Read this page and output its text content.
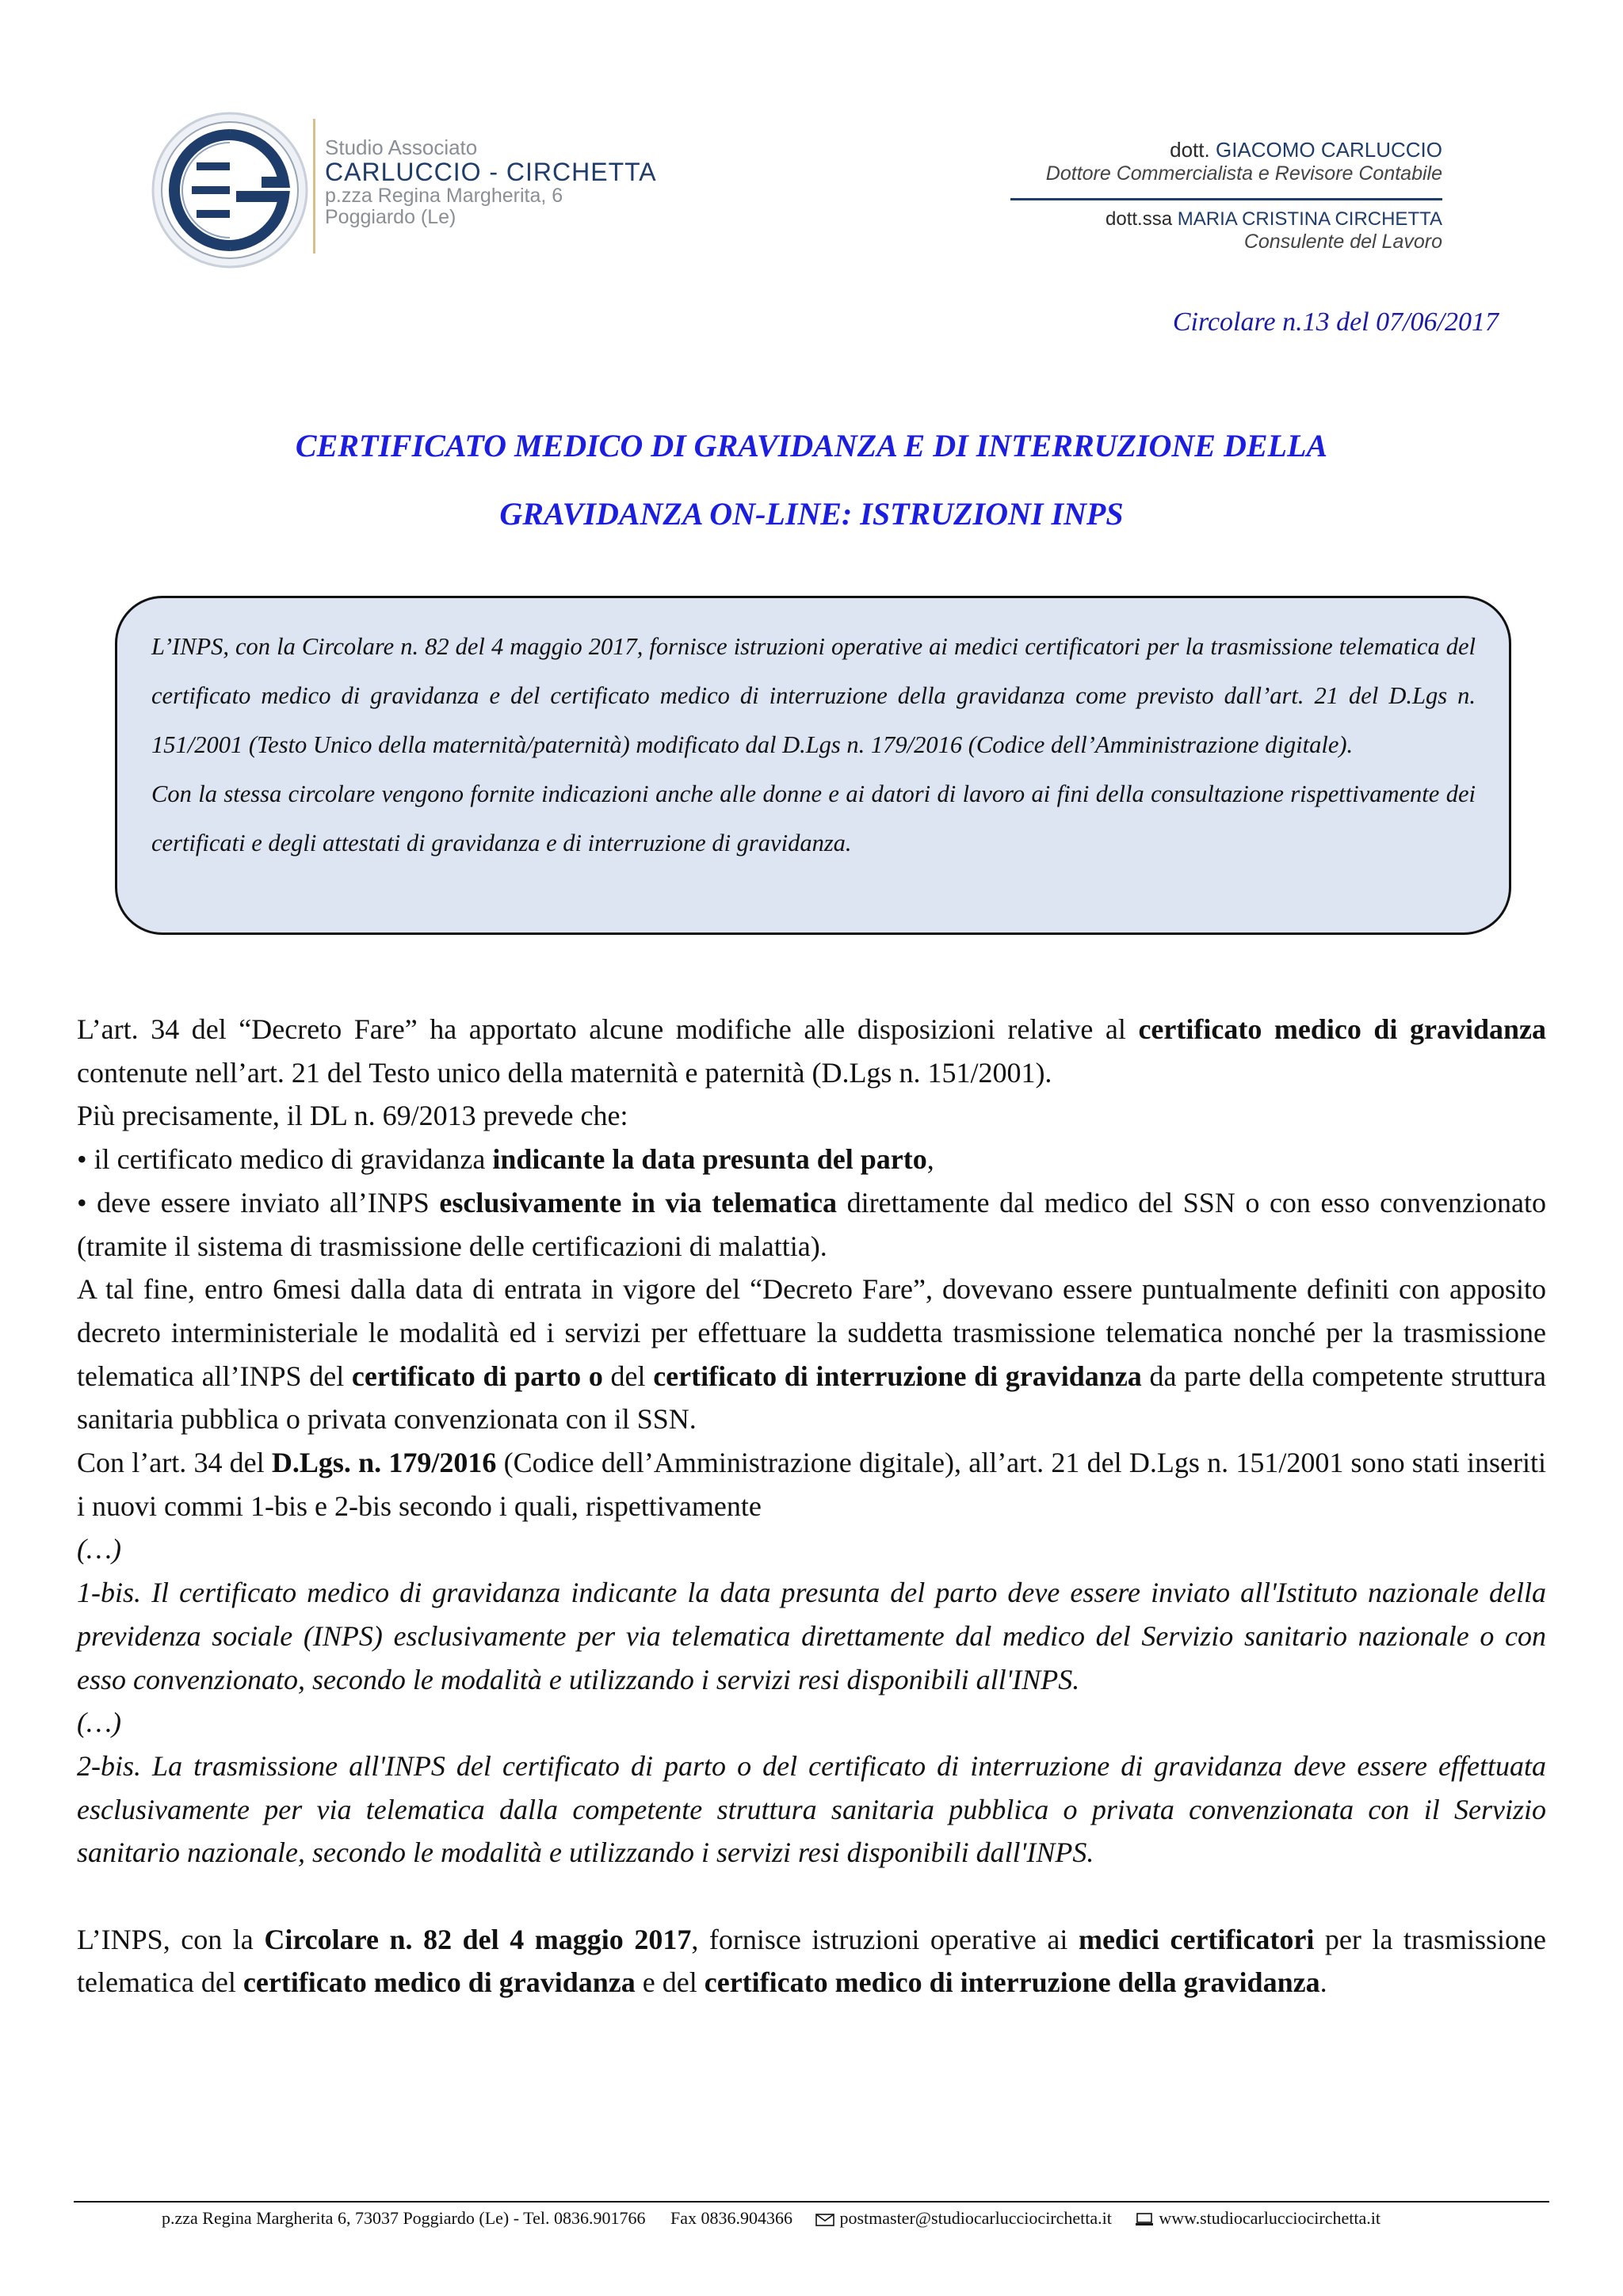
Studio Associato
CARLUCCIO - CIRCHETTA
p.zza Regina Margherita, 6
Poggiardo (Le)
dott. GIACOMO CARLUCCIO
Dottore Commercialista e Revisore Contabile
dott.ssa MARIA CRISTINA CIRCHETTA
Consulente del Lavoro
Circolare n.13 del 07/06/2017
CERTIFICATO MEDICO DI GRAVIDANZA E DI INTERRUZIONE DELLA
GRAVIDANZA ON-LINE: ISTRUZIONI INPS

L’INPS, con la Circolare n. 82 del 4 maggio 2017, fornisce istruzioni operative ai medici certificatori per la trasmissione telematica del certificato medico di gravidanza e del certificato medico di interruzione della gravidanza come previsto dall’art. 21 del D.Lgs n. 151/2001 (Testo Unico della maternità/paternità) modificato dal D.Lgs n. 179/2016 (Codice dell’Amministrazione digitale).

Con la stessa circolare vengono fornite indicazioni anche alle donne e ai datori di lavoro ai fini della consultazione rispettivamente dei certificati e degli attestati di gravidanza e di interruzione di gravidanza.

L’art. 34 del “Decreto Fare” ha apportato alcune modifiche alle disposizioni relative al certificato medico di gravidanza contenute nell’art. 21 del Testo unico della maternità e paternità (D.Lgs n. 151/2001).

Più precisamente, il DL n. 69/2013 prevede che:

• il certificato medico di gravidanza indicante la data presunta del parto,

• deve essere inviato all’INPS esclusivamente in via telematica direttamente dal medico del SSN o con esso convenzionato (tramite il sistema di trasmissione delle certificazioni di malattia).

A tal fine, entro 6mesi dalla data di entrata in vigore del “Decreto Fare”, dovevano essere puntualmente definiti con apposito decreto interministeriale le modalità ed i servizi per effettuare la suddetta trasmissione telematica nonché per la trasmissione telematica all’INPS del certificato di parto o del certificato di interruzione di gravidanza da parte della competente struttura sanitaria pubblica o privata convenzionata con il SSN.

Con l’art. 34 del D.Lgs. n. 179/2016 (Codice dell’Amministrazione digitale), all’art. 21 del D.Lgs n. 151/2001 sono stati inseriti i nuovi commi 1-bis e 2-bis secondo i quali, rispettivamente

(…)

1-bis. Il certificato medico di gravidanza indicante la data presunta del parto deve essere inviato all'Istituto nazionale della previdenza sociale (INPS) esclusivamente per via telematica direttamente dal medico del Servizio sanitario nazionale o con esso convenzionato, secondo le modalità e utilizzando i servizi resi disponibili all'INPS.

(…)

2-bis. La trasmissione all'INPS del certificato di parto o del certificato di interruzione di gravidanza deve essere effettuata esclusivamente per via telematica dalla competente struttura sanitaria pubblica o privata convenzionata con il Servizio sanitario nazionale, secondo le modalità e utilizzando i servizi resi disponibili dall'INPS.

L’INPS, con la Circolare n. 82 del 4 maggio 2017, fornisce istruzioni operative ai medici certificatori per la trasmissione telematica del certificato medico di gravidanza e del certificato medico di interruzione della gravidanza.

p.zza Regina Margherita 6, 73037 Poggiardo (Le) - Tel. 0836.901766 Fax 0836.904366	postmaster@studiocarlucciocirchetta.it	www.studiocarlucciocirchetta.it
